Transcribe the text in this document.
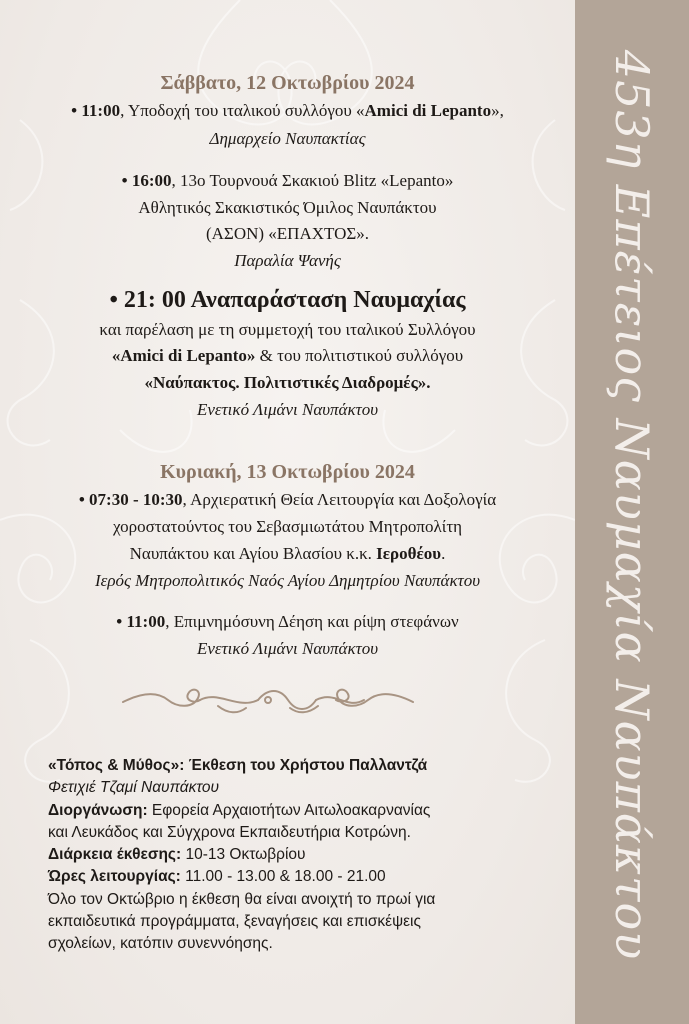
453η Επέτειος Ναυμαχία Ναυπάκτου
Σάββατο, 12 Οκτωβρίου 2024
• 11:00, Υποδοχή του ιταλικού συλλόγου «Amici di Lepanto»,
Δημαρχείο Ναυπακτίας
• 16:00, 13ο Τουρνουά Σκακιού Blitz «Lepanto»
Αθλητικός Σκακιστικός Όμιλος Ναυπάκτου
(ΑΣΟΝ) «ΕΠΑΧΤΟΣ».
Παραλία Ψανής
• 21: 00 Αναπαράσταση Ναυμαχίας
και παρέλαση με τη συμμετοχή του ιταλικού Συλλόγου
«Amici di Lepanto» & του πολιτιστικού συλλόγου
«Ναύπακτος. Πολιτιστικές Διαδρομές».
Ενετικό Λιμάνι Ναυπάκτου
Κυριακή, 13 Οκτωβρίου 2024
• 07:30 - 10:30, Αρχιερατική Θεία Λειτουργία και Δοξολογία
χοροστατούντος του Σεβασμιωτάτου Μητροπολίτη
Ναυπάκτου και Αγίου Βλασίου κ.κ. Ιεροθέου.
Ιερός Μητροπολιτικός Ναός Αγίου Δημητρίου Ναυπάκτου
• 11:00, Επιμνημόσυνη Δέηση και ρίψη στεφάνων
Ενετικό Λιμάνι Ναυπάκτου
«Τόπος & Μύθος»: Έκθεση του Χρήστου Παλλαντζά
Φετιχιέ Τζαμί Ναυπάκτου
Διοργάνωση: Εφορεία Αρχαιοτήτων Αιτωλοακαρνανίας
και Λευκάδος και Σύγχρονα Εκπαιδευτήρια Κοτρώνη.
Διάρκεια έκθεσης: 10-13 Οκτωβρίου
Ώρες λειτουργίας: 11.00 - 13.00 & 18.00 - 21.00
Όλο τον Οκτώβριο η έκθεση θα είναι ανοιχτή το πρωί για
εκπαιδευτικά προγράμματα, ξεναγήσεις και επισκέψεις
σχολείων, κατόπιν συνεννόησης.
